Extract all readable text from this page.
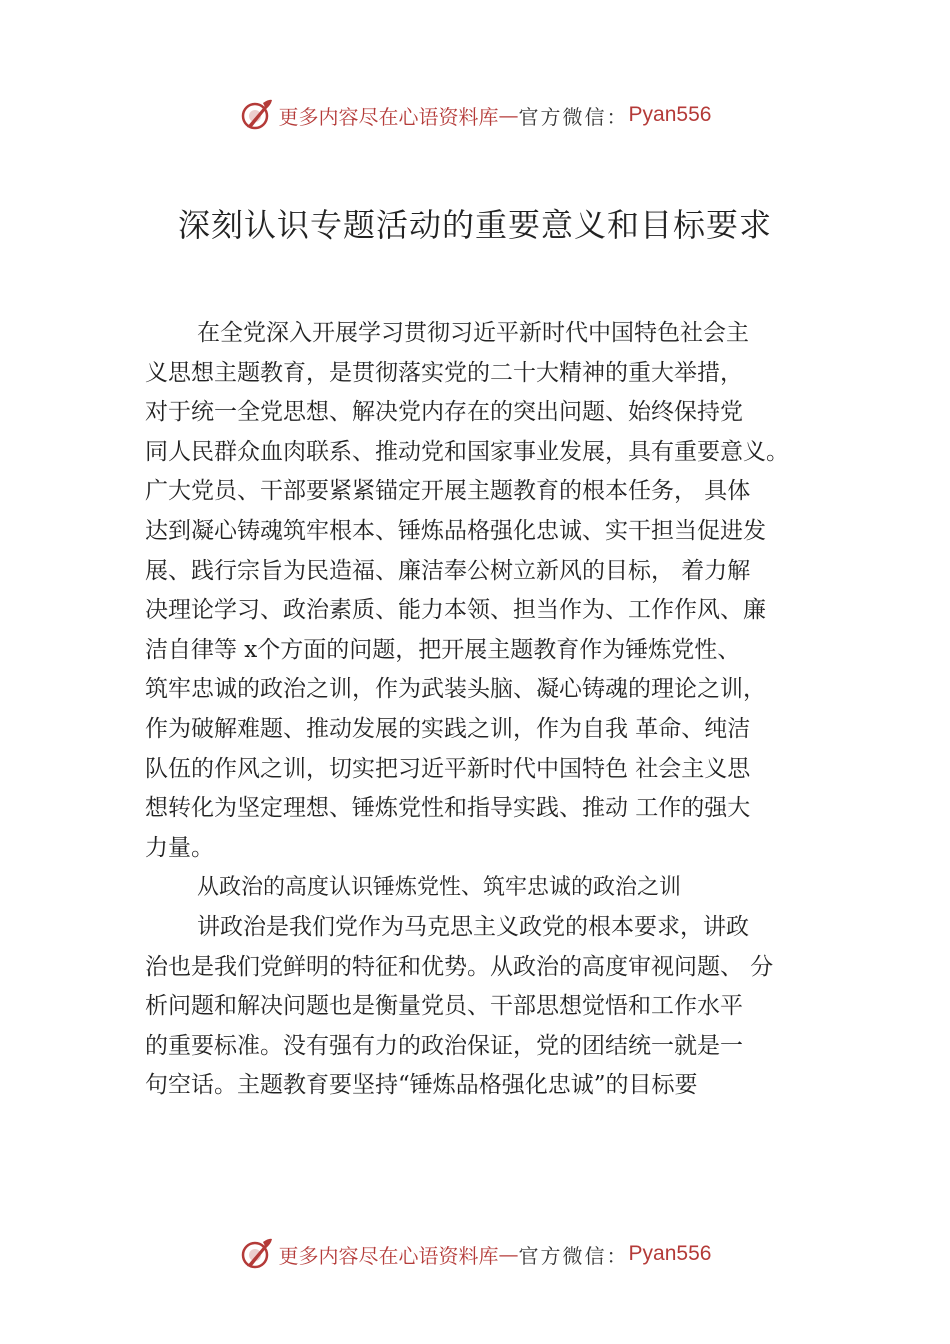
更多内容尽在心语资料库 — 官方微信： Pyan556
深刻认识专题活动的重要意义和目标要求
在全党深入开展学习贯彻习近平新时代中国特色社会主
义思想主题教育，是贯彻落实党的二十大精神的重大举措，
对于统一全党思想、解决党内存在的突出问题、始终保持党
同人民群众血肉联系、推动党和国家事业发展，具有重要意义。
广大党员、干部要紧紧锚定开展主题教育的根本任务， 具体
达到凝心铸魂筑牢根本、锤炼品格强化忠诚、实干担当促进发
展、践行宗旨为民造福、廉洁奉公树立新风的目标， 着力解
决理论学习、政治素质、能力本领、担当作为、工作作风、廉
洁自律等 x个方面的问题，把开展主题教育作为锤炼党性、
筑牢忠诚的政治之训，作为武装头脑、凝心铸魂的理论之训，
作为破解难题、推动发展的实践之训，作为自我 革命、纯洁
队伍的作风之训，切实把习近平新时代中国特色 社会主义思
想转化为坚定理想、锤炼党性和指导实践、推动 工作的强大
力量。
从政治的高度认识锤炼党性、筑牢忠诚的政治之训
讲政治是我们党作为马克思主义政党的根本要求，讲政
治也是我们党鲜明的特征和优势。从政治的高度审视问题、 分
析问题和解决问题也是衡量党员、干部思想觉悟和工作水平
的重要标准。没有强有力的政治保证，党的团结统一就是一
句空话。主题教育要坚持“锤炼品格强化忠诚”的目标要
更多内容尽在心语资料库 — 官方微信： Pyan556
